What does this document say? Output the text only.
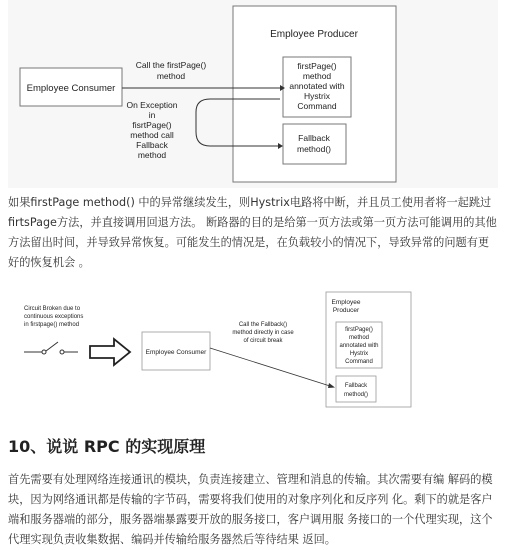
Employee Producer
Employee Consumer
firstPage()
method
annotated with
Hystrix
Command
Fallback
method()
Call the firstPage()
method
On Exception
in
fisrtPage()
method call
Fallback
method

如果firstPage method() 中的异常继续发生，则Hystrix电路将中断，并且员工使用者将一起跳过firtsPage方法，并直接调用回退方法。 断路器的目的是给第一页方法或第一页方法可能调用的其他方法留出时间，并导致异常恢复。可能发生的情况是，在负载较小的情况下，导致异常的问题有更好的恢复机会 。

Employee
Producer
firstPage()
method
annotated with
Hystrix
Command
Fallback
method()
Circuit Broken due to
continuous exceptions
in firstpage() method
Employee Consumer
Call the Fallback()
method directly in case
of circuit break
10、说说 RPC 的实现原理

首先需要有处理网络连接通讯的模块，负责连接建立、管理和消息的传输。其次需要有编 解码的模块，因为网络通讯都是传输的字节码，需要将我们使用的对象序列化和反序列 化。剩下的就是客户端和服务器端的部分，服务器端暴露要开放的服务接口，客户调用服 务接口的一个代理实现，这个代理实现负责收集数据、编码并传输给服务器然后等待结果 返回。
